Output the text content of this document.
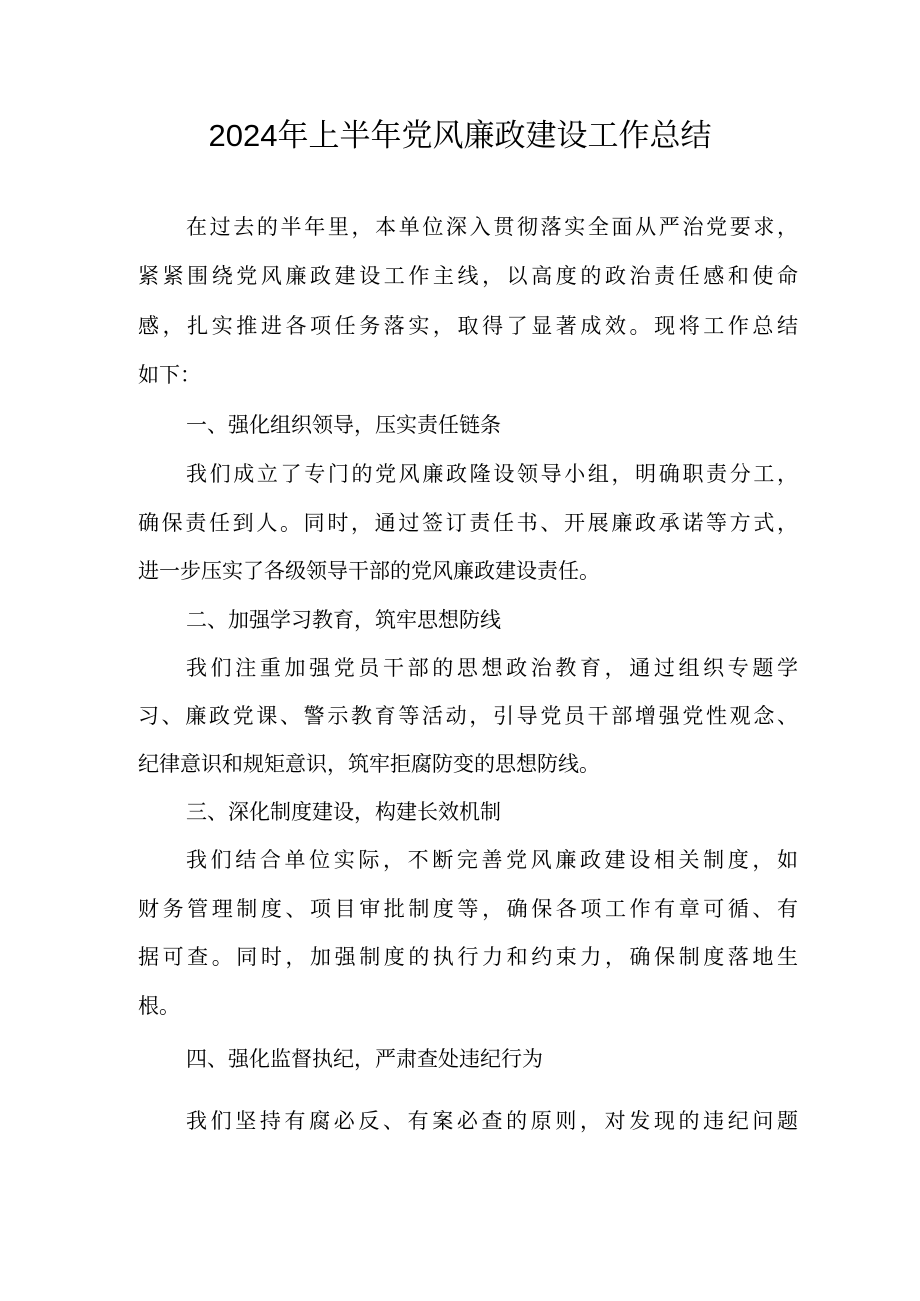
2024年上半年党风廉政建设工作总结
在过去的半年里，本单位深入贯彻落实全面从严治党要求，
紧紧围绕党风廉政建设工作主线，以高度的政治责任感和使命
感，扎实推进各项任务落实，取得了显著成效。现将工作总结
如下：
一、强化组织领导，压实责任链条
我们成立了专门的党风廉政隆设领导小组，明确职责分工，
确保责任到人。同时，通过签订责任书、开展廉政承诺等方式，
进一步压实了各级领导干部的党风廉政建设责任。
二、加强学习教育，筑牢思想防线
我们注重加强党员干部的思想政治教育，通过组织专题学
习、廉政党课、警示教育等活动，引导党员干部增强党性观念、
纪律意识和规矩意识，筑牢拒腐防变的思想防线。
三、深化制度建设，构建长效机制
我们结合单位实际，不断完善党风廉政建设相关制度，如
财务管理制度、项目审批制度等，确保各项工作有章可循、有
据可查。同时，加强制度的执行力和约束力，确保制度落地生
根。
四、强化监督执纪，严肃查处违纪行为
我们坚持有腐必反、有案必查的原则，对发现的违纪问题
